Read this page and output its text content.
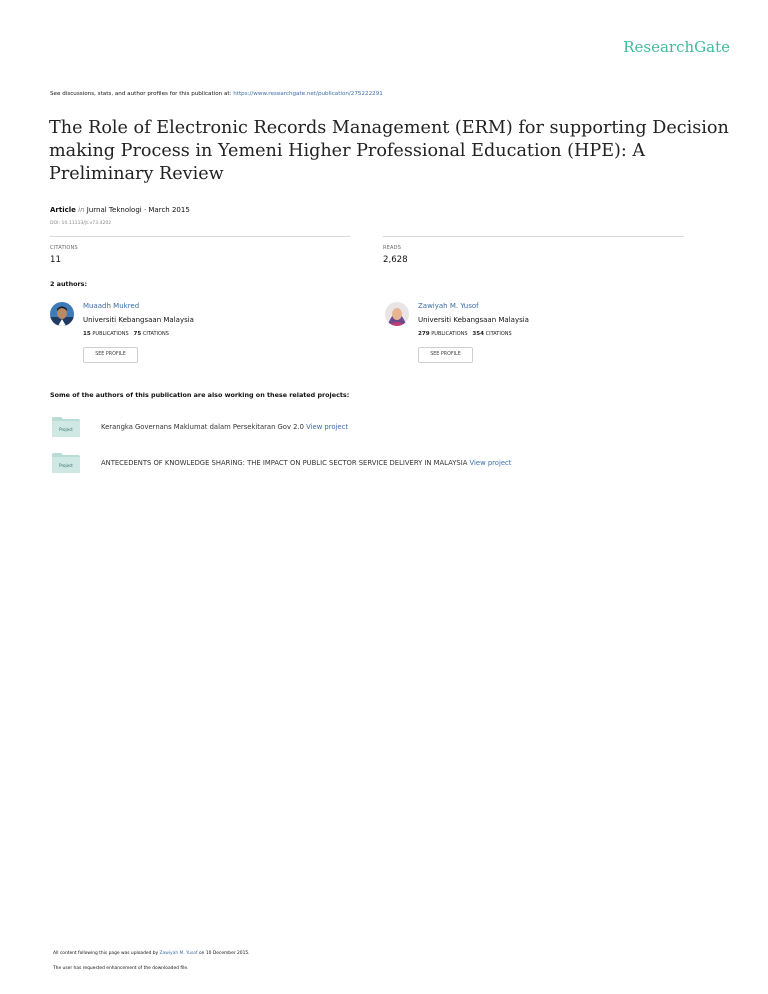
ResearchGate
See discussions, stats, and author profiles for this publication at: https://www.researchgate.net/publication/275222291
The Role of Electronic Records Management (ERM) for supporting Decision making Process in Yemeni Higher Professional Education (HPE): A Preliminary Review
Article in Jurnal Teknologi · March 2015
DOI: 10.11113/jt.v73.4202
CITATIONS
11
READS
2,628
2 authors:
Muaadh Mukred
Universiti Kebangsaan Malaysia
15 PUBLICATIONS 75 CITATIONS
SEE PROFILE
Zawiyah M. Yusof
Universiti Kebangsaan Malaysia
279 PUBLICATIONS 354 CITATIONS
SEE PROFILE
Some of the authors of this publication are also working on these related projects:
Project	Kerangka Governans Maklumat dalam Persekitaran Gov 2.0 View project
Project	ANTECEDENTS OF KNOWLEDGE SHARING: THE IMPACT ON PUBLIC SECTOR SERVICE DELIVERY IN MALAYSIA View project
All content following this page was uploaded by Zawiyah M. Yusof on 10 December 2015.
The user has requested enhancement of the downloaded file.
